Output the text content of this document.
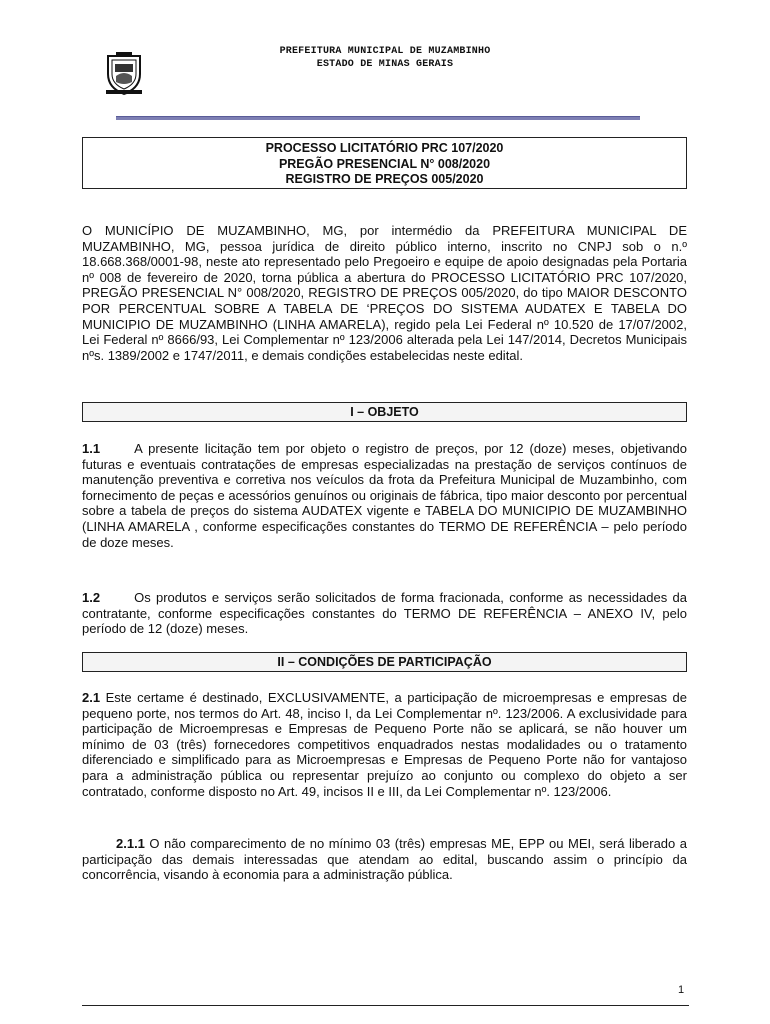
PREFEITURA MUNICIPAL DE MUZAMBINHO
ESTADO DE MINAS GERAIS
PROCESSO LICITATÓRIO PRC 107/2020
PREGÃO PRESENCIAL N° 008/2020
REGISTRO DE PREÇOS 005/2020

O MUNICÍPIO DE MUZAMBINHO, MG, por intermédio da PREFEITURA MUNICIPAL DE MUZAMBINHO, MG, pessoa jurídica de direito público interno, inscrito no CNPJ sob o n.º 18.668.368/0001-98, neste ato representado pelo Pregoeiro e equipe de apoio designadas pela Portaria nº 008 de fevereiro de 2020, torna pública a abertura do PROCESSO LICITATÓRIO PRC 107/2020, PREGÃO PRESENCIAL N° 008/2020, REGISTRO DE PREÇOS 005/2020, do tipo MAIOR DESCONTO POR PERCENTUAL SOBRE A TABELA DE ‘PREÇOS DO SISTEMA AUDATEX E TABELA DO MUNICIPIO DE MUZAMBINHO (LINHA AMARELA), regido pela Lei Federal nº 10.520 de 17/07/2002, Lei Federal nº 8666/93, Lei Complementar nº 123/2006 alterada pela Lei 147/2014, Decretos Municipais nºs. 1389/2002 e 1747/2011, e demais condições estabelecidas neste edital.

I – OBJETO

1.1	A presente licitação tem por objeto o registro de preços, por 12 (doze) meses, objetivando futuras e eventuais contratações de empresas especializadas na prestação de serviços contínuos de manutenção preventiva e corretiva nos veículos da frota da Prefeitura Municipal de Muzambinho, com fornecimento de peças e acessórios genuínos ou originais de fábrica, tipo maior desconto por percentual sobre a tabela de preços do sistema AUDATEX vigente e TABELA DO MUNICIPIO DE MUZAMBINHO (LINHA AMARELA , conforme especificações constantes do TERMO DE REFERÊNCIA – pelo período de doze meses.

1.2	Os produtos e serviços serão solicitados de forma fracionada, conforme as necessidades da contratante, conforme especificações constantes do TERMO DE REFERÊNCIA – ANEXO IV, pelo período de 12 (doze) meses.

II – CONDIÇÕES DE PARTICIPAÇÃO

2.1 Este certame é destinado, EXCLUSIVAMENTE, a participação de microempresas e empresas de pequeno porte, nos termos do Art. 48, inciso I, da Lei Complementar nº. 123/2006. A exclusividade para participação de Microempresas e Empresas de Pequeno Porte não se aplicará, se não houver um mínimo de 03 (três) fornecedores competitivos enquadrados nestas modalidades ou o tratamento diferenciado e simplificado para as Microempresas e Empresas de Pequeno Porte não for vantajoso para a administração pública ou representar prejuízo ao conjunto ou complexo do objeto a ser contratado, conforme disposto no Art. 49, incisos II e III, da Lei Complementar nº. 123/2006.

2.1.1 O não comparecimento de no mínimo 03 (três) empresas ME, EPP ou MEI, será liberado a participação das demais interessadas que atendam ao edital, buscando assim o princípio da concorrência, visando à economia para a administração pública.

1
